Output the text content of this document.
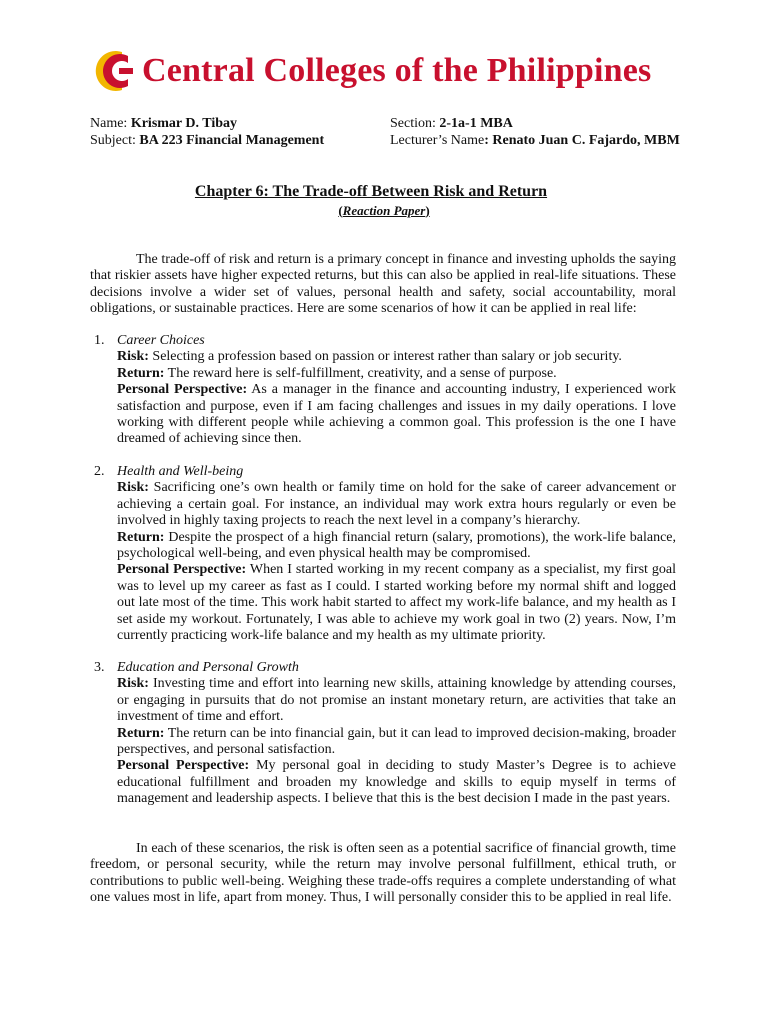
Central Colleges of the Philippines
Name: Krismar D. Tibay	Section: 2-1a-1 MBA
Subject: BA 223 Financial Management	Lecturer’s Name: Renato Juan C. Fajardo, MBM
Chapter 6: The Trade-off Between Risk and Return
(Reaction Paper)

The trade-off of risk and return is a primary concept in finance and investing upholds the saying that riskier assets have higher expected returns, but this can also be applied in real-life situations. These decisions involve a wider set of values, personal health and safety, social accountability, moral obligations, or sustainable practices. Here are some scenarios of how it can be applied in real life:

1. Career Choices

Risk: Selecting a profession based on passion or interest rather than salary or job security.

Return: The reward here is self-fulfillment, creativity, and a sense of purpose.

Personal Perspective: As a manager in the finance and accounting industry, I experienced work satisfaction and purpose, even if I am facing challenges and issues in my daily operations. I love working with different people while achieving a common goal. This profession is the one I have dreamed of achieving since then.

2. Health and Well-being

Risk: Sacrificing one’s own health or family time on hold for the sake of career advancement or achieving a certain goal. For instance, an individual may work extra hours regularly or even be involved in highly taxing projects to reach the next level in a company’s hierarchy.

Return: Despite the prospect of a high financial return (salary, promotions), the work-life balance, psychological well-being, and even physical health may be compromised.

Personal Perspective: When I started working in my recent company as a specialist, my first goal was to level up my career as fast as I could. I started working before my normal shift and logged out late most of the time. This work habit started to affect my work-life balance, and my health as I set aside my workout. Fortunately, I was able to achieve my work goal in two (2) years. Now, I’m currently practicing work-life balance and my health as my ultimate priority.

3. Education and Personal Growth

Risk: Investing time and effort into learning new skills, attaining knowledge by attending courses, or engaging in pursuits that do not promise an instant monetary return, are activities that take an investment of time and effort.

Return: The return can be into financial gain, but it can lead to improved decision-making, broader perspectives, and personal satisfaction.

Personal Perspective: My personal goal in deciding to study Master’s Degree is to achieve educational fulfillment and broaden my knowledge and skills to equip myself in terms of management and leadership aspects. I believe that this is the best decision I made in the past years.

In each of these scenarios, the risk is often seen as a potential sacrifice of financial growth, time freedom, or personal security, while the return may involve personal fulfillment, ethical truth, or contributions to public well-being. Weighing these trade-offs requires a complete understanding of what one values most in life, apart from money. Thus, I will personally consider this to be applied in real life.
